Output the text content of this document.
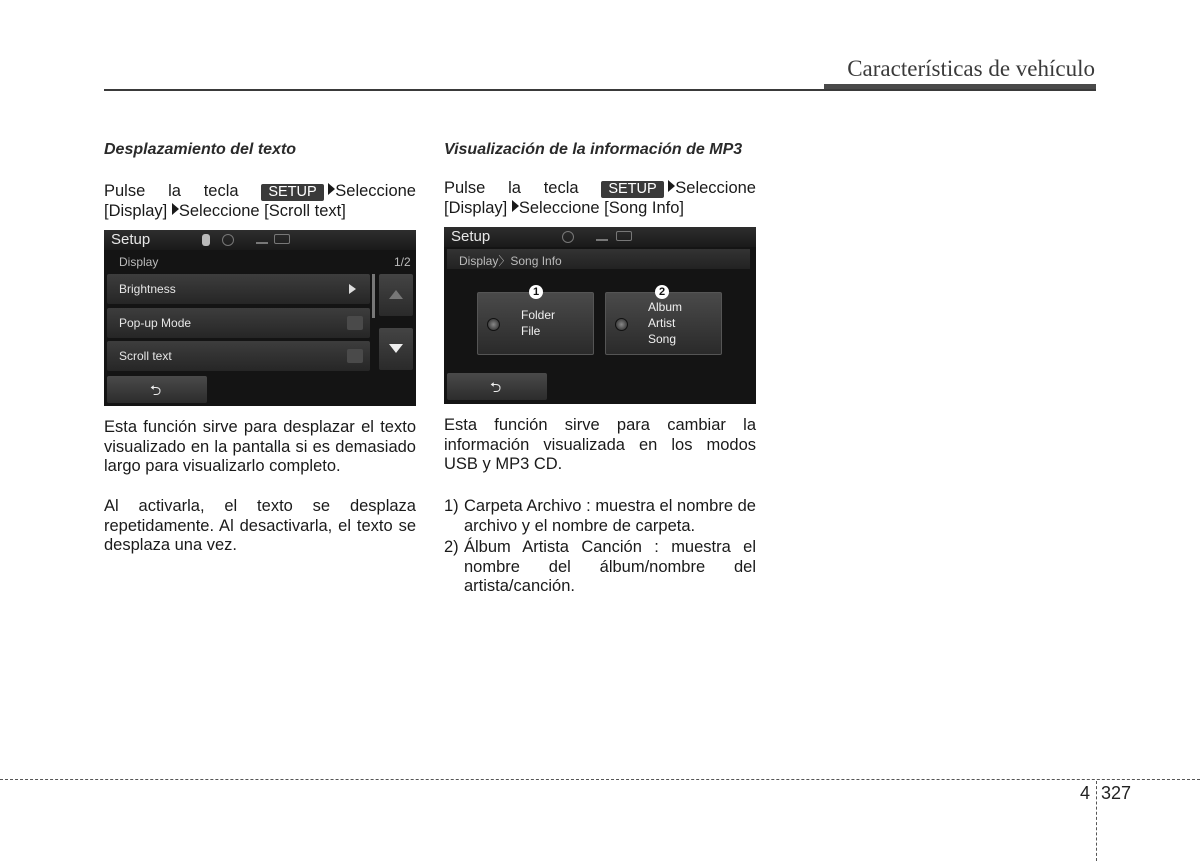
Características de vehículo
Desplazamiento del texto
Pulse la tecla	SETUP Seleccione
[Display] Seleccione [Scroll text]
Setup
Display	1/2
Brightness
Pop-up Mode
Scroll text
⮌
Esta función sirve para desplazar el texto visualizado en la pantalla si es demasiado largo para visualizarlo completo.
Al activarla, el texto se desplaza repetidamente. Al desactivarla, el texto se desplaza una vez.
Visualización de la información de MP3
Pulse la tecla	SETUP Seleccione
[Display] Seleccione [Song Info]
Setup
Display〉Song Info
Folder
File
Album
Artist
Song
1	2
⮌
Esta función sirve para cambiar la información visualizada en los modos USB y MP3 CD.
1) Carpeta Archivo : muestra el nombre de archivo y el nombre de carpeta.
2) Álbum Artista Canción : muestra el nombre del álbum/nombre del artista/canción.
4 327
